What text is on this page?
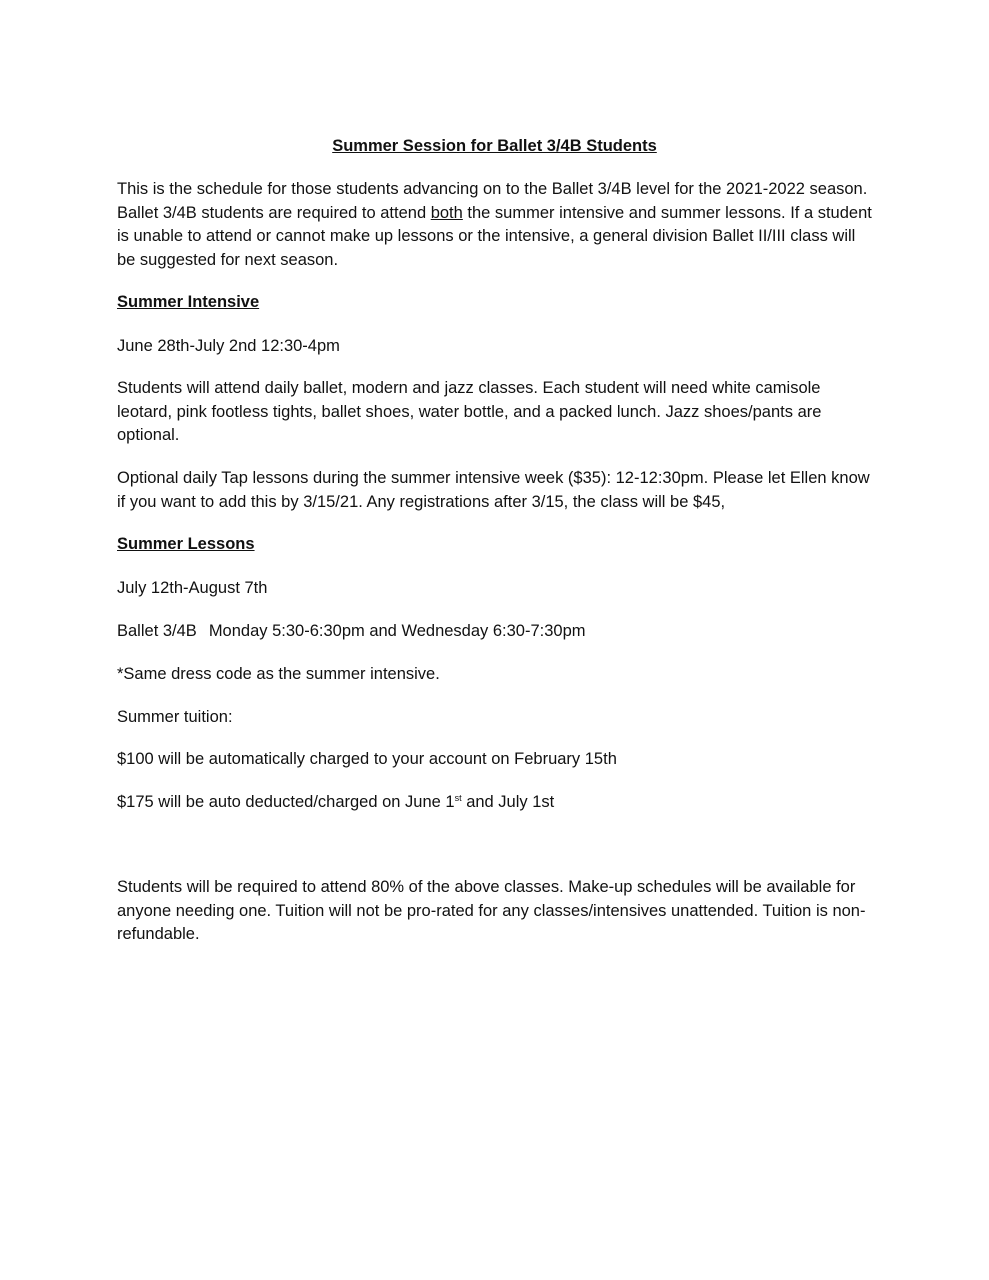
Summer Session for Ballet 3/4B Students

This is the schedule for those students advancing on to the Ballet 3/4B level for the 2021-2022 season. Ballet 3/4B students are required to attend both the summer intensive and summer lessons. If a student is unable to attend or cannot make up lessons or the intensive, a general division Ballet II/III class will be suggested for next season.

Summer Intensive

June 28th-July 2nd 12:30-4pm

Students will attend daily ballet, modern and jazz classes. Each student will need white camisole leotard, pink footless tights, ballet shoes, water bottle, and a packed lunch. Jazz shoes/pants are optional.

Optional daily Tap lessons during the summer intensive week ($35): 12-12:30pm. Please let Ellen know if you want to add this by 3/15/21. Any registrations after 3/15, the class will be $45,

Summer Lessons

July 12th-August 7th

Ballet 3/4B Monday 5:30-6:30pm and Wednesday 6:30-7:30pm

*Same dress code as the summer intensive.

Summer tuition:

$100 will be automatically charged to your account on February 15th

$175 will be auto deducted/charged on June 1st and July 1st

Students will be required to attend 80% of the above classes. Make-up schedules will be available for anyone needing one. Tuition will not be pro-rated for any classes/intensives unattended. Tuition is non-refundable.
